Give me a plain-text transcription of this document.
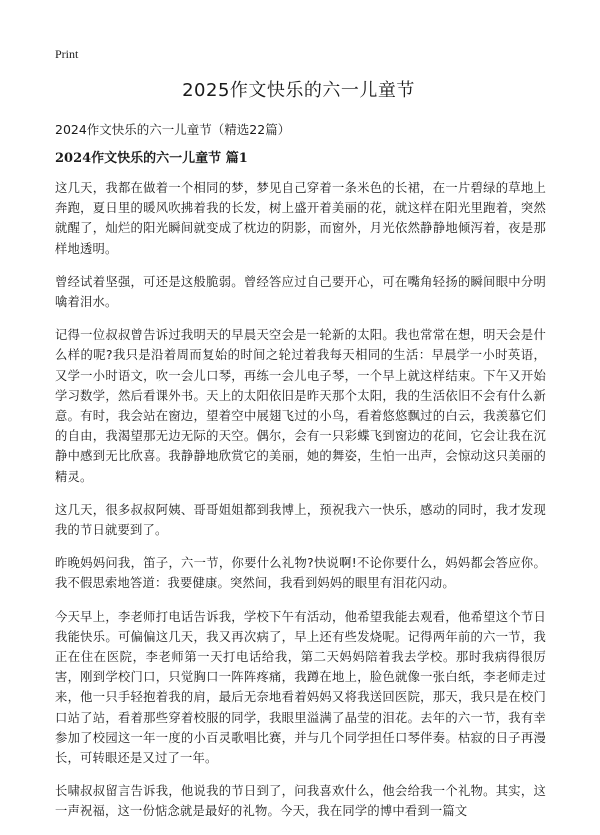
Print
2025作文快乐的六一儿童节
2024作文快乐的六一儿童节（精选22篇）
2024作文快乐的六一儿童节 篇1

这几天，我都在做着一个相同的梦，梦见自己穿着一条米色的长裙，在一片碧绿的草地上奔跑，夏日里的暖风吹拂着我的长发，树上盛开着美丽的花，就这样在阳光里跑着，突然就醒了，灿烂的阳光瞬间就变成了枕边的阴影，而窗外，月光依然静静地倾泻着，夜是那样地透明。

曾经试着坚强，可还是这般脆弱。曾经答应过自己要开心，可在嘴角轻扬的瞬间眼中分明噙着泪水。

记得一位叔叔曾告诉过我明天的早晨天空会是一轮新的太阳。我也常常在想，明天会是什么样的呢?我只是沿着周而复始的时间之轮过着我每天相同的生活：早晨学一小时英语，又学一小时语文，吹一会儿口琴，再练一会儿电子琴，一个早上就这样结束。下午又开始学习数学，然后看课外书。天上的太阳依旧是昨天那个太阳，我的生活依旧不会有什么新意。有时，我会站在窗边，望着空中展翅飞过的小鸟，看着悠悠飘过的白云，我羡慕它们的自由，我渴望那无边无际的天空。偶尔，会有一只彩蝶飞到窗边的花间，它会让我在沉静中感到无比欣喜。我静静地欣赏它的美丽，她的舞姿，生怕一出声，会惊动这只美丽的精灵。

这几天，很多叔叔阿姨、哥哥姐姐都到我博上，预祝我六一快乐，感动的同时，我才发现我的节日就要到了。

昨晚妈妈问我，笛子，六一节，你要什么礼物?快说啊!不论你要什么，妈妈都会答应你。我不假思索地答道：我要健康。突然间，我看到妈妈的眼里有泪花闪动。

今天早上，李老师打电话告诉我，学校下午有活动，他希望我能去观看，他希望这个节日我能快乐。可偏偏这几天，我又再次病了，早上还有些发烧呢。记得两年前的六一节，我正在住在医院，李老师第一天打电话给我，第二天妈妈陪着我去学校。那时我病得很厉害，刚到学校门口，只觉胸口一阵阵疼痛，我蹲在地上，脸色就像一张白纸，李老师走过来，他一只手轻抱着我的肩，最后无奈地看着妈妈又将我送回医院，那天，我只是在校门口站了站，看着那些穿着校服的同学，我眼里溢满了晶莹的泪花。去年的六一节，我有幸参加了校园这一年一度的小百灵歌唱比赛，并与几个同学担任口琴伴奏。枯寂的日子再漫长，可转眼还是又过了一年。

长啸叔叔留言告诉我，他说我的节日到了，问我喜欢什么，他会给我一个礼物。其实，这一声祝福，这一份惦念就是最好的礼物。今天，我在同学的博中看到一篇文
